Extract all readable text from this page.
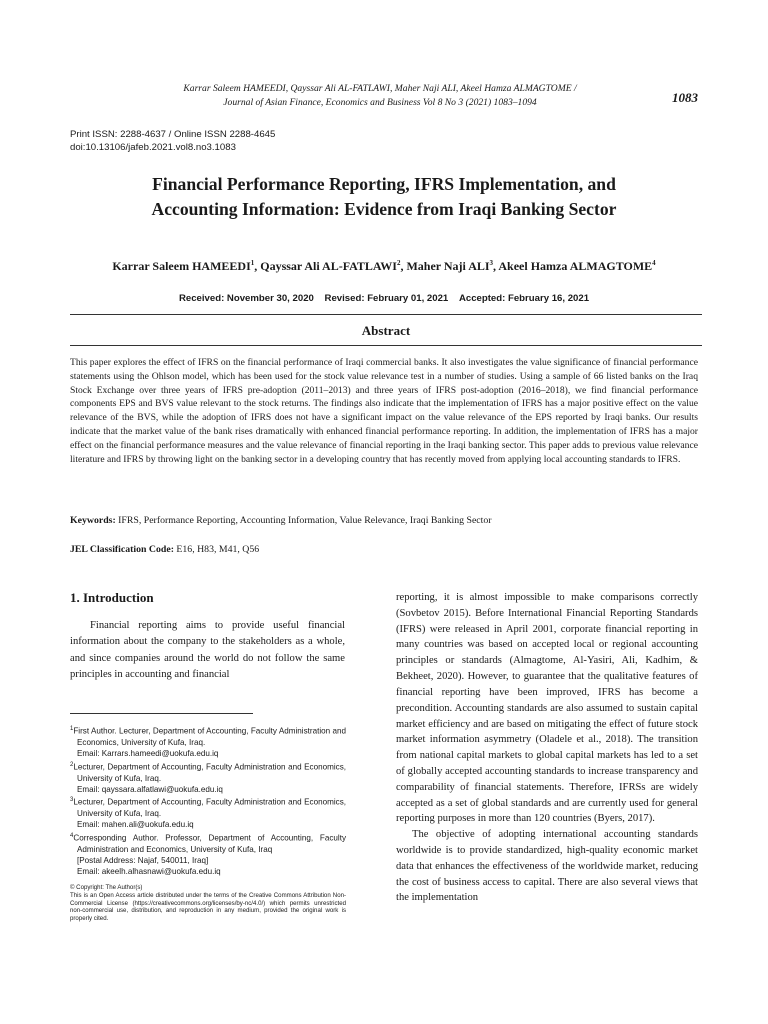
Karrar Saleem HAMEEDI, Qayssar Ali AL-FATLAWI, Maher Naji ALI, Akeel Hamza ALMAGTOME /
Journal of Asian Finance, Economics and Business Vol 8 No 3 (2021) 1083–1094	1083
Print ISSN: 2288-4637 / Online ISSN 2288-4645
doi:10.13106/jafeb.2021.vol8.no3.1083
Financial Performance Reporting, IFRS Implementation, and
Accounting Information: Evidence from Iraqi Banking Sector
Karrar Saleem HAMEEDI$^1$, Qayssar Ali AL-FATLAWI$^2$, Maher Naji ALI$^3$, Akeel Hamza ALMAGTOME$^4$
Received: November 30, 2020 Revised: February 01, 2021 Accepted: February 16, 2021
Abstract
This paper explores the effect of IFRS on the financial performance of Iraqi commercial banks. It also investigates the value significance of financial performance statements using the Ohlson model, which has been used for the stock value relevance test in a number of studies. Using a sample of 66 listed banks on the Iraq Stock Exchange over three years of IFRS pre-adoption (2011–2013) and three years of IFRS post-adoption (2016–2018), we find financial performance components EPS and BVS value relevant to the stock returns. The findings also indicate that the implementation of IFRS has a major positive effect on the value relevance of the BVS, while the adoption of IFRS does not have a significant impact on the value relevance of the EPS reported by Iraqi banks. Our results indicate that the market value of the bank rises dramatically with enhanced financial performance reporting. In addition, the implementation of IFRS has a major effect on the financial performance measures and the value relevance of financial reporting in the Iraqi banking sector. This paper adds to previous value relevance literature and IFRS by throwing light on the banking sector in a developing country that has recently moved from applying local accounting standards to IFRS.
Keywords: IFRS, Performance Reporting, Accounting Information, Value Relevance, Iraqi Banking Sector
JEL Classification Code: E16, H83, M41, Q56
1. Introduction
Financial reporting aims to provide useful financial information about the company to the stakeholders as a whole, and since companies around the world do not follow the same principles in accounting and financial
$^1$First Author. Lecturer, Department of Accounting, Faculty Administration and Economics, University of Kufa, Iraq.
Email: Karrars.hameedi@uokufa.edu.iq
$^2$Lecturer, Department of Accounting, Faculty Administration and Economics, University of Kufa, Iraq.
Email: qayssara.alfatlawi@uokufa.edu.iq
$^3$Lecturer, Department of Accounting, Faculty Administration and Economics, University of Kufa, Iraq.
Email: mahen.ali@uokufa.edu.iq
$^4$Corresponding Author. Professor, Department of Accounting, Faculty Administration and Economics, University of Kufa, Iraq
[Postal Address: Najaf, 540011, Iraq]
Email: akeelh.alhasnawi@uokufa.edu.iq
© Copyright: The Author(s)
This is an Open Access article distributed under the terms of the Creative Commons Attribution Non-Commercial License (https://creativecommons.org/licenses/by-nc/4.0/) which permits unrestricted non-commercial use, distribution, and reproduction in any medium, provided the original work is properly cited.

reporting, it is almost impossible to make comparisons correctly (Sovbetov 2015). Before International Financial Reporting Standards (IFRS) were released in April 2001, corporate financial reporting in many countries was based on accepted local or regional accounting principles or standards (Almagtome, Al-Yasiri, Ali, Kadhim, & Bekheet, 2020). However, to guarantee that the qualitative features of financial reporting have been improved, IFRS has become a precondition. Accounting standards are also assumed to sustain capital market efficiency and are based on mitigating the effect of future stock market information asymmetry (Oladele et al., 2018). The transition from national capital markets to global capital markets has led to a set of globally accepted accounting standards to increase transparency and comparability of financial statements. Therefore, IFRSs are widely accepted as a set of global standards and are currently used for general reporting purposes in more than 120 countries (Byers, 2017).

The objective of adopting international accounting standards worldwide is to provide standardized, high-quality economic market data that enhances the effectiveness of the worldwide market, reducing the cost of business access to capital. There are also several views that the implementation
